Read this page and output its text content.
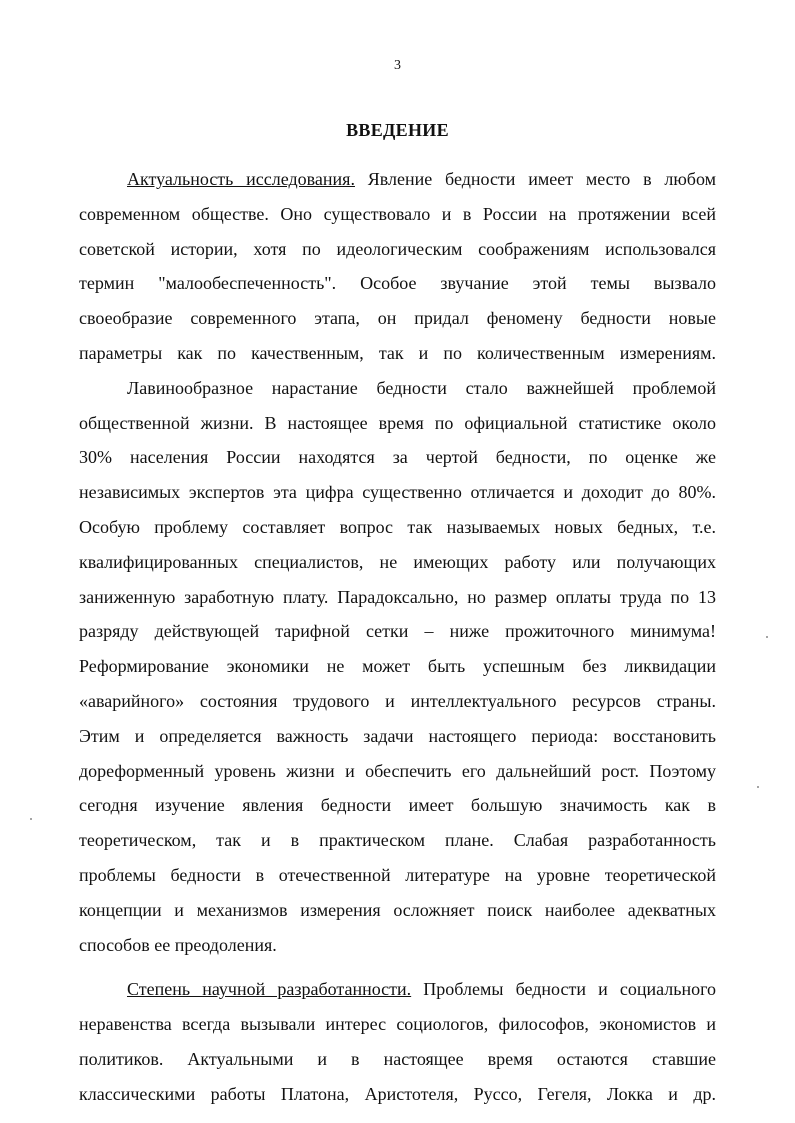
3
ВВЕДЕНИЕ
Актуальность исследования. Явление бедности имеет место в любом
современном обществе. Оно существовало и в России на протяжении всей
советской истории, хотя по идеологическим соображениям использовался
термин "малообеспеченность". Особое звучание этой темы вызвало
своеобразие современного этапа, он придал феномену бедности новые
параметры как по качественным, так и по количественным измерениям.
Лавинообразное нарастание бедности стало важнейшей проблемой
общественной жизни. В настоящее время по официальной статистике около
30% населения России находятся за чертой бедности, по оценке же
независимых экспертов эта цифра существенно отличается и доходит до 80%.
Особую проблему составляет вопрос так называемых новых бедных, т.е.
квалифицированных специалистов, не имеющих работу или получающих
заниженную заработную плату. Парадоксально, но размер оплаты труда по 13
разряду действующей тарифной сетки – ниже прожиточного минимума!
Реформирование экономики не может быть успешным без ликвидации
«аварийного» состояния трудового и интеллектуального ресурсов страны.
Этим и определяется важность задачи настоящего периода: восстановить
дореформенный уровень жизни и обеспечить его дальнейший рост. Поэтому
сегодня изучение явления бедности имеет большую значимость как в
теоретическом, так и в практическом плане. Слабая разработанность
проблемы бедности в отечественной литературе на уровне теоретической
концепции и механизмов измерения осложняет поиск наиболее адекватных
способов ее преодоления.
Степень научной разработанности. Проблемы бедности и социального
неравенства всегда вызывали интерес социологов, философов, экономистов и
политиков. Актуальными и в настоящее время остаются ставшие
классическими работы Платона, Аристотеля, Руссо, Гегеля, Локка и др.
